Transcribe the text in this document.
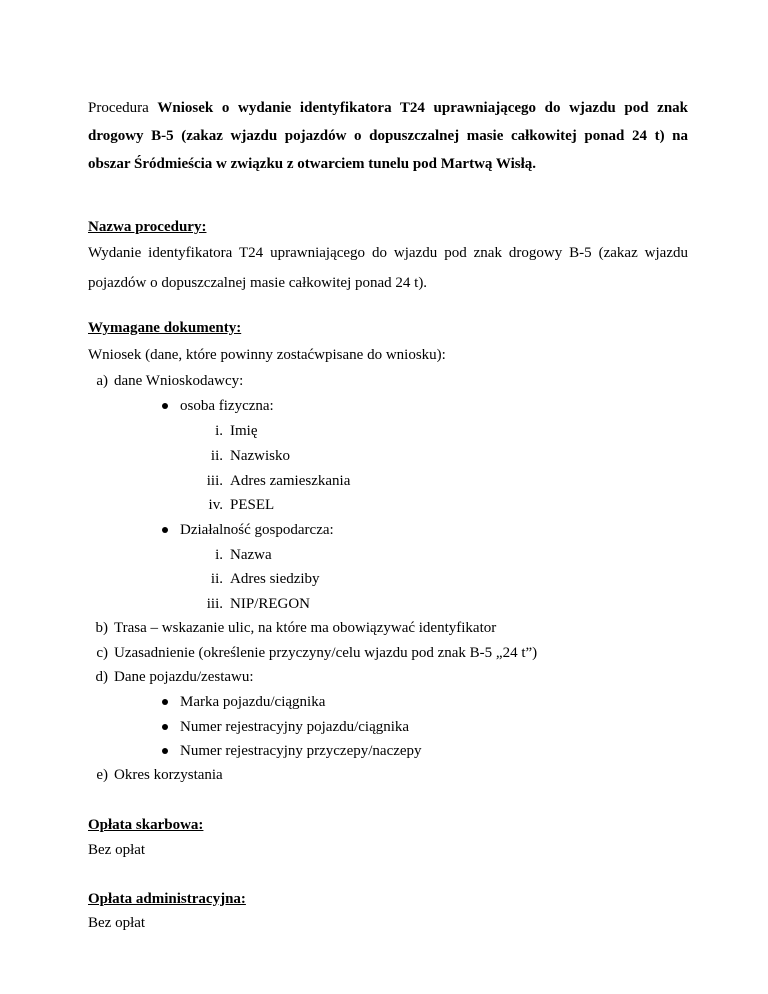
Procedura Wniosek o wydanie identyfikatora T24 uprawniającego do wjazdu pod znak drogowy B-5 (zakaz wjazdu pojazdów o dopuszczalnej masie całkowitej ponad 24 t) na obszar Śródmieścia w związku z otwarciem tunelu pod Martwą Wisłą.
Nazwa procedury:
Wydanie identyfikatora T24 uprawniającego do wjazdu pod znak drogowy B-5 (zakaz wjazdu pojazdów o dopuszczalnej masie całkowitej ponad 24 t).
Wymagane dokumenty:
Wniosek (dane, które powinny zostaćwpisane do wniosku):
a) dane Wnioskodawcy:
osoba fizyczna:
i. Imię
ii. Nazwisko
iii. Adres zamieszkania
iv. PESEL
Działalność gospodarcza:
i. Nazwa
ii. Adres siedziby
iii. NIP/REGON
b) Trasa – wskazanie ulic, na które ma obowiązywać identyfikator
c) Uzasadnienie (określenie przyczyny/celu wjazdu pod znak B-5 „24 t”)
d) Dane pojazdu/zestawu:
Marka pojazdu/ciągnika
Numer rejestracyjny pojazdu/ciągnika
Numer rejestracyjny przyczepy/naczepy
e) Okres korzystania
Opłata skarbowa:
Bez opłat
Opłata administracyjna:
Bez opłat
